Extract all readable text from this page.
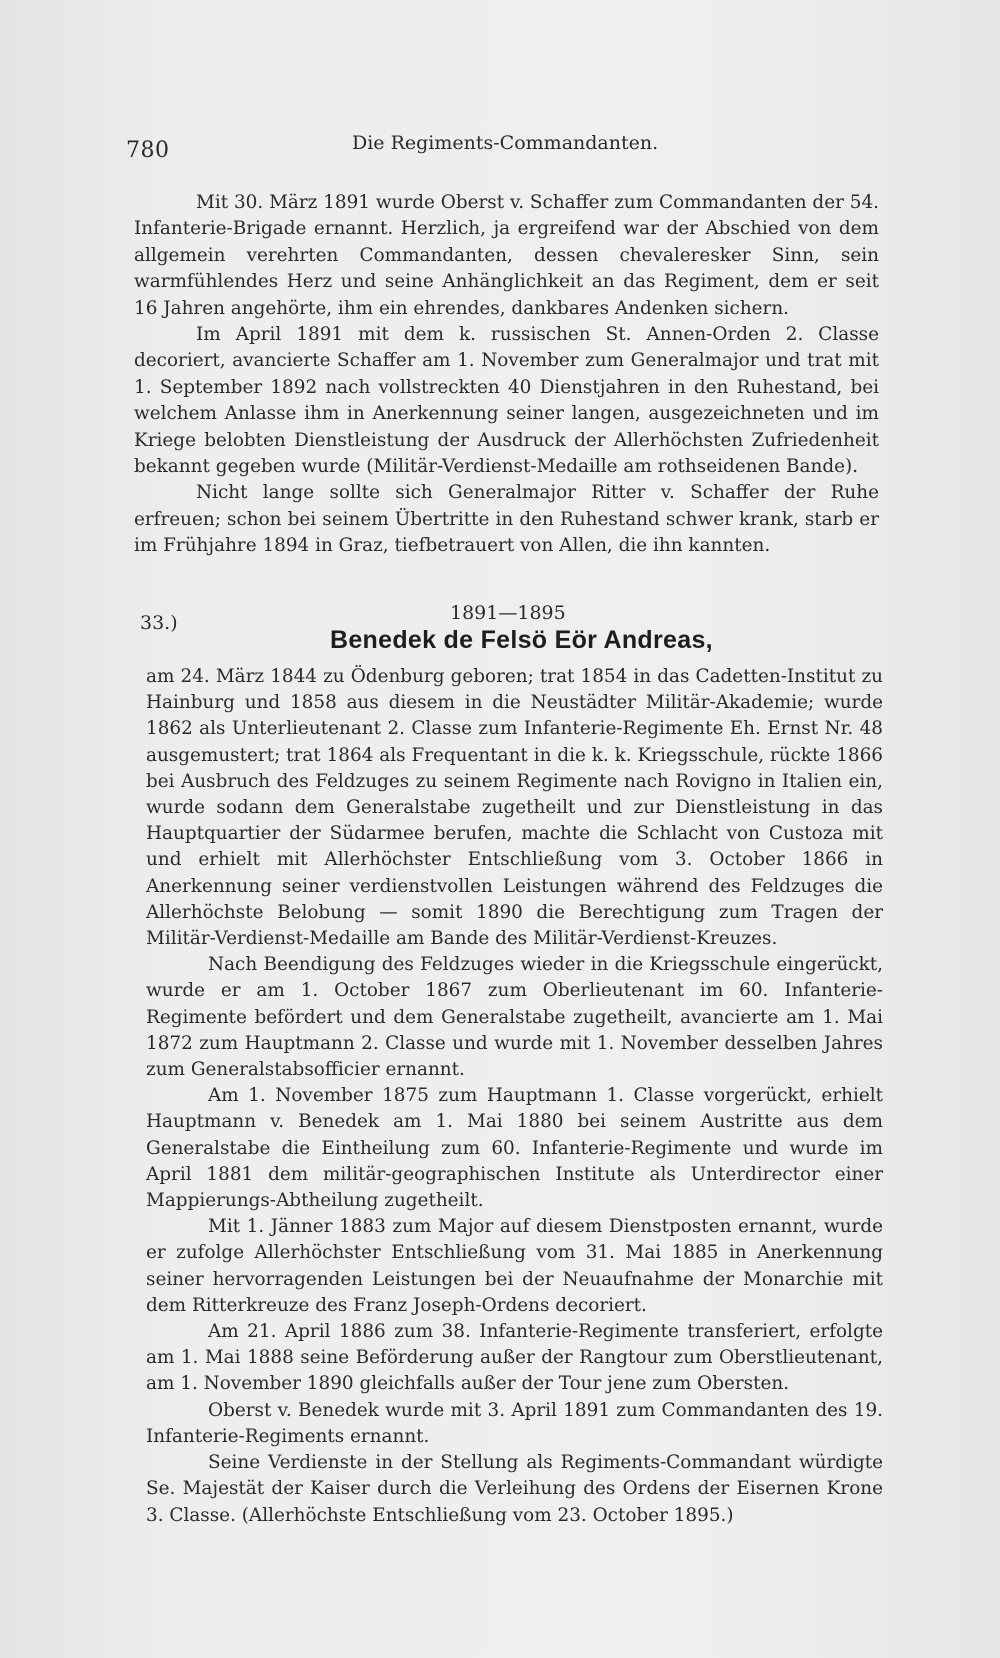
780	Die Regiments-Commandanten.

Mit 30. März 1891 wurde Oberst v. Schaffer zum Commandanten der 54. Infanterie-Brigade ernannt. Herzlich, ja ergreifend war der Abschied von dem allgemein verehrten Commandanten, dessen chevaleresker Sinn, sein warmfühlendes Herz und seine Anhänglichkeit an das Regiment, dem er seit 16 Jahren angehörte, ihm ein ehrendes, dankbares Andenken sichern.

Im April 1891 mit dem k. russischen St. Annen-Orden 2. Classe decoriert, avancierte Schaffer am 1. November zum Generalmajor und trat mit 1. September 1892 nach vollstreckten 40 Dienstjahren in den Ruhestand, bei welchem Anlasse ihm in Anerkennung seiner langen, ausgezeichneten und im Kriege belobten Dienstleistung der Ausdruck der Allerhöchsten Zufriedenheit bekannt gegeben wurde (Militär-Verdienst-Medaille am rothseidenen Bande).

Nicht lange sollte sich Generalmajor Ritter v. Schaffer der Ruhe erfreuen; schon bei seinem Übertritte in den Ruhestand schwer krank, starb er im Frühjahre 1894 in Graz, tiefbetrauert von Allen, die ihn kannten.

33.)	1891—1895
Benedek de Felsö Eör Andreas,

am 24. März 1844 zu Ödenburg geboren; trat 1854 in das Cadetten-Institut zu Hainburg und 1858 aus diesem in die Neustädter Militär-Akademie; wurde 1862 als Unterlieutenant 2. Classe zum Infanterie-Regimente Eh. Ernst Nr. 48 ausgemustert; trat 1864 als Frequentant in die k. k. Kriegsschule, rückte 1866 bei Ausbruch des Feldzuges zu seinem Regimente nach Rovigno in Italien ein, wurde sodann dem Generalstabe zugetheilt und zur Dienstleistung in das Hauptquartier der Südarmee berufen, machte die Schlacht von Custoza mit und erhielt mit Allerhöchster Entschließung vom 3. October 1866 in Anerkennung seiner verdienstvollen Leistungen während des Feldzuges die Allerhöchste Belobung — somit 1890 die Berechtigung zum Tragen der Militär-Verdienst-Medaille am Bande des Militär-Verdienst-Kreuzes.

Nach Beendigung des Feldzuges wieder in die Kriegsschule eingerückt, wurde er am 1. October 1867 zum Oberlieutenant im 60. Infanterie-Regimente befördert und dem Generalstabe zugetheilt, avancierte am 1. Mai 1872 zum Hauptmann 2. Classe und wurde mit 1. November desselben Jahres zum Generalstabsofficier ernannt.

Am 1. November 1875 zum Hauptmann 1. Classe vorgerückt, erhielt Hauptmann v. Benedek am 1. Mai 1880 bei seinem Austritte aus dem Generalstabe die Eintheilung zum 60. Infanterie-Regimente und wurde im April 1881 dem militär-geographischen Institute als Unterdirector einer Mappierungs-Abtheilung zugetheilt.

Mit 1. Jänner 1883 zum Major auf diesem Dienstposten ernannt, wurde er zufolge Allerhöchster Entschließung vom 31. Mai 1885 in Anerkennung seiner hervorragenden Leistungen bei der Neuaufnahme der Monarchie mit dem Ritterkreuze des Franz Joseph-Ordens decoriert.

Am 21. April 1886 zum 38. Infanterie-Regimente transferiert, erfolgte am 1. Mai 1888 seine Beförderung außer der Rangtour zum Oberstlieutenant, am 1. November 1890 gleichfalls außer der Tour jene zum Obersten.

Oberst v. Benedek wurde mit 3. April 1891 zum Commandanten des 19. Infanterie-Regiments ernannt.

Seine Verdienste in der Stellung als Regiments-Commandant würdigte Se. Majestät der Kaiser durch die Verleihung des Ordens der Eisernen Krone 3. Classe. (Allerhöchste Entschließung vom 23. October 1895.)
